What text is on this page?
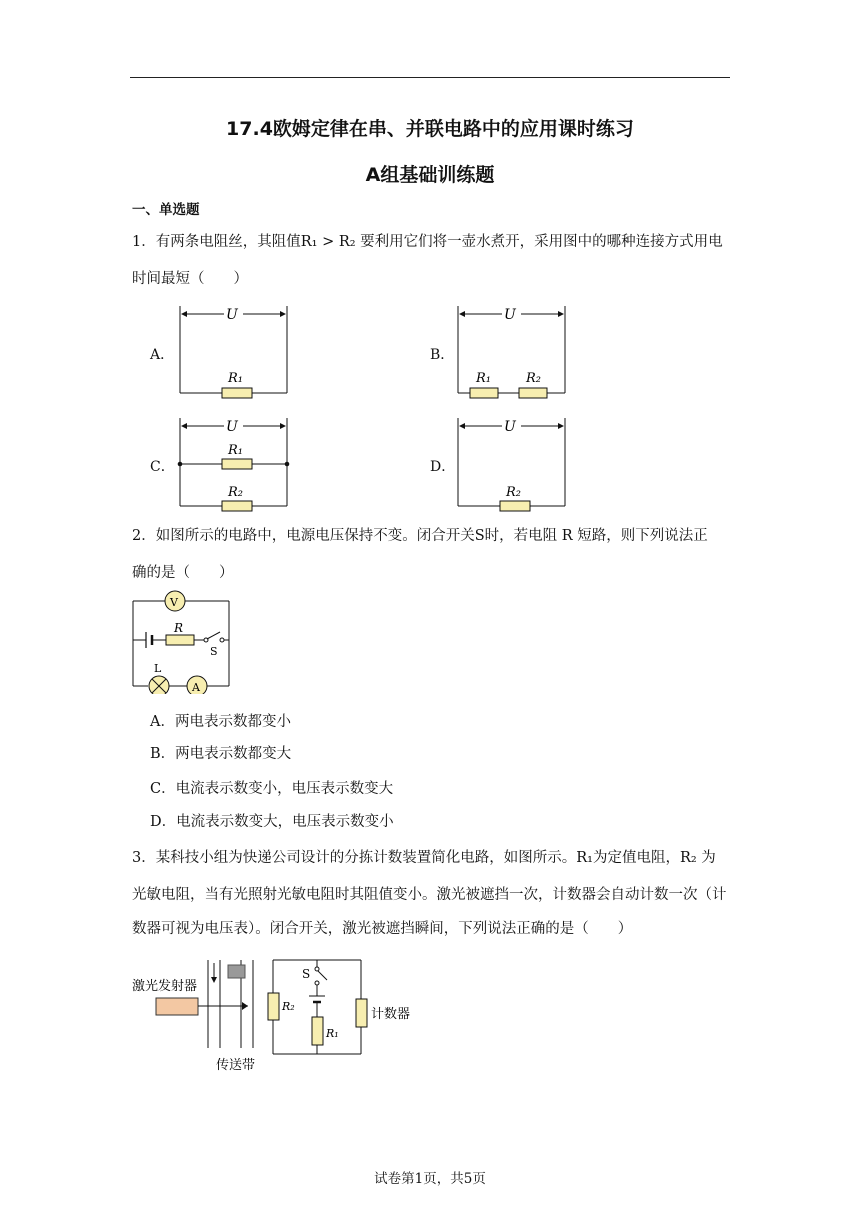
17.4欧姆定律在串、并联电路中的应用课时练习
A组基础训练题
一、单选题
1．有两条电阻丝，其阻值R₁ > R₂ 要利用它们将一壶水煮开，采用图中的哪种连接方式用电
时间最短（　　）
A．
U
R₁
B．
U
R₁	R₂
C．
U
R₁
R₂
D．
U
R₂
2．如图所示的电路中，电源电压保持不变。闭合开关S时，若电阻 R 短路，则下列说法正
确的是（　　）
V
R
S
L
A
A．两电表示数都变小
B．两电表示数都变大
C．电流表示数变小，电压表示数变大
D．电流表示数变大，电压表示数变小
3．某科技小组为快递公司设计的分拣计数装置简化电路，如图所示。R₁为定值电阻，R₂ 为
光敏电阻，当有光照射光敏电阻时其阻值变小。激光被遮挡一次，计数器会自动计数一次（计
数器可视为电压表）。闭合开关，激光被遮挡瞬间，下列说法正确的是（　　）
激光发射器
传送带
R₂
计数器
S
R₁
试卷第1页，共5页
